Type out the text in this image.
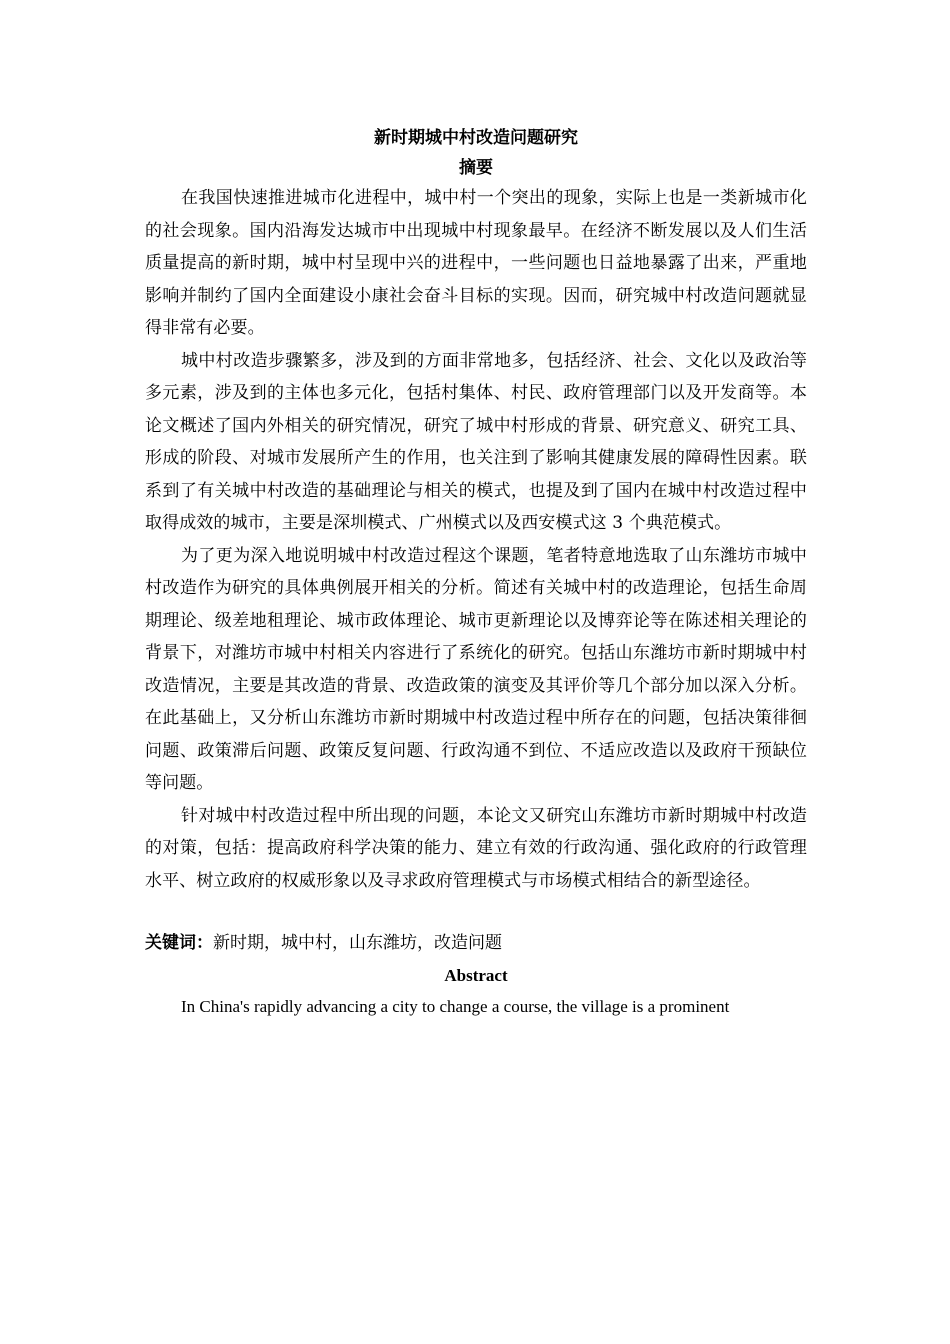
新时期城中村改造问题研究
摘要

在我国快速推进城市化进程中，城中村一个突出的现象，实际上也是一类新城市化的社会现象。国内沿海发达城市中出现城中村现象最早。在经济不断发展以及人们生活质量提高的新时期，城中村呈现中兴的进程中，一些问题也日益地暴露了出来，严重地影响并制约了国内全面建设小康社会奋斗目标的实现。因而，研究城中村改造问题就显得非常有必要。

城中村改造步骤繁多，涉及到的方面非常地多，包括经济、社会、文化以及政治等多元素，涉及到的主体也多元化，包括村集体、村民、政府管理部门以及开发商等。本论文概述了国内外相关的研究情况，研究了城中村形成的背景、研究意义、研究工具、形成的阶段、对城市发展所产生的作用，也关注到了影响其健康发展的障碍性因素。联系到了有关城中村改造的基础理论与相关的模式，也提及到了国内在城中村改造过程中取得成效的城市，主要是深圳模式、广州模式以及西安模式这 3 个典范模式。

为了更为深入地说明城中村改造过程这个课题，笔者特意地选取了山东潍坊市城中村改造作为研究的具体典例展开相关的分析。简述有关城中村的改造理论，包括生命周期理论、级差地租理论、城市政体理论、城市更新理论以及博弈论等在陈述相关理论的背景下，对潍坊市城中村相关内容进行了系统化的研究。包括山东潍坊市新时期城中村改造情况，主要是其改造的背景、改造政策的演变及其评价等几个部分加以深入分析。在此基础上，又分析山东潍坊市新时期城中村改造过程中所存在的问题，包括决策徘徊问题、政策滞后问题、政策反复问题、行政沟通不到位、不适应改造以及政府干预缺位等问题。

针对城中村改造过程中所出现的问题，本论文又研究山东潍坊市新时期城中村改造的对策，包括：提高政府科学决策的能力、建立有效的行政沟通、强化政府的行政管理水平、树立政府的权威形象以及寻求政府管理模式与市场模式相结合的新型途径。

关键词：新时期，城中村，山东潍坊，改造问题

Abstract

In China's rapidly advancing a city to change a course, the village is a prominent
